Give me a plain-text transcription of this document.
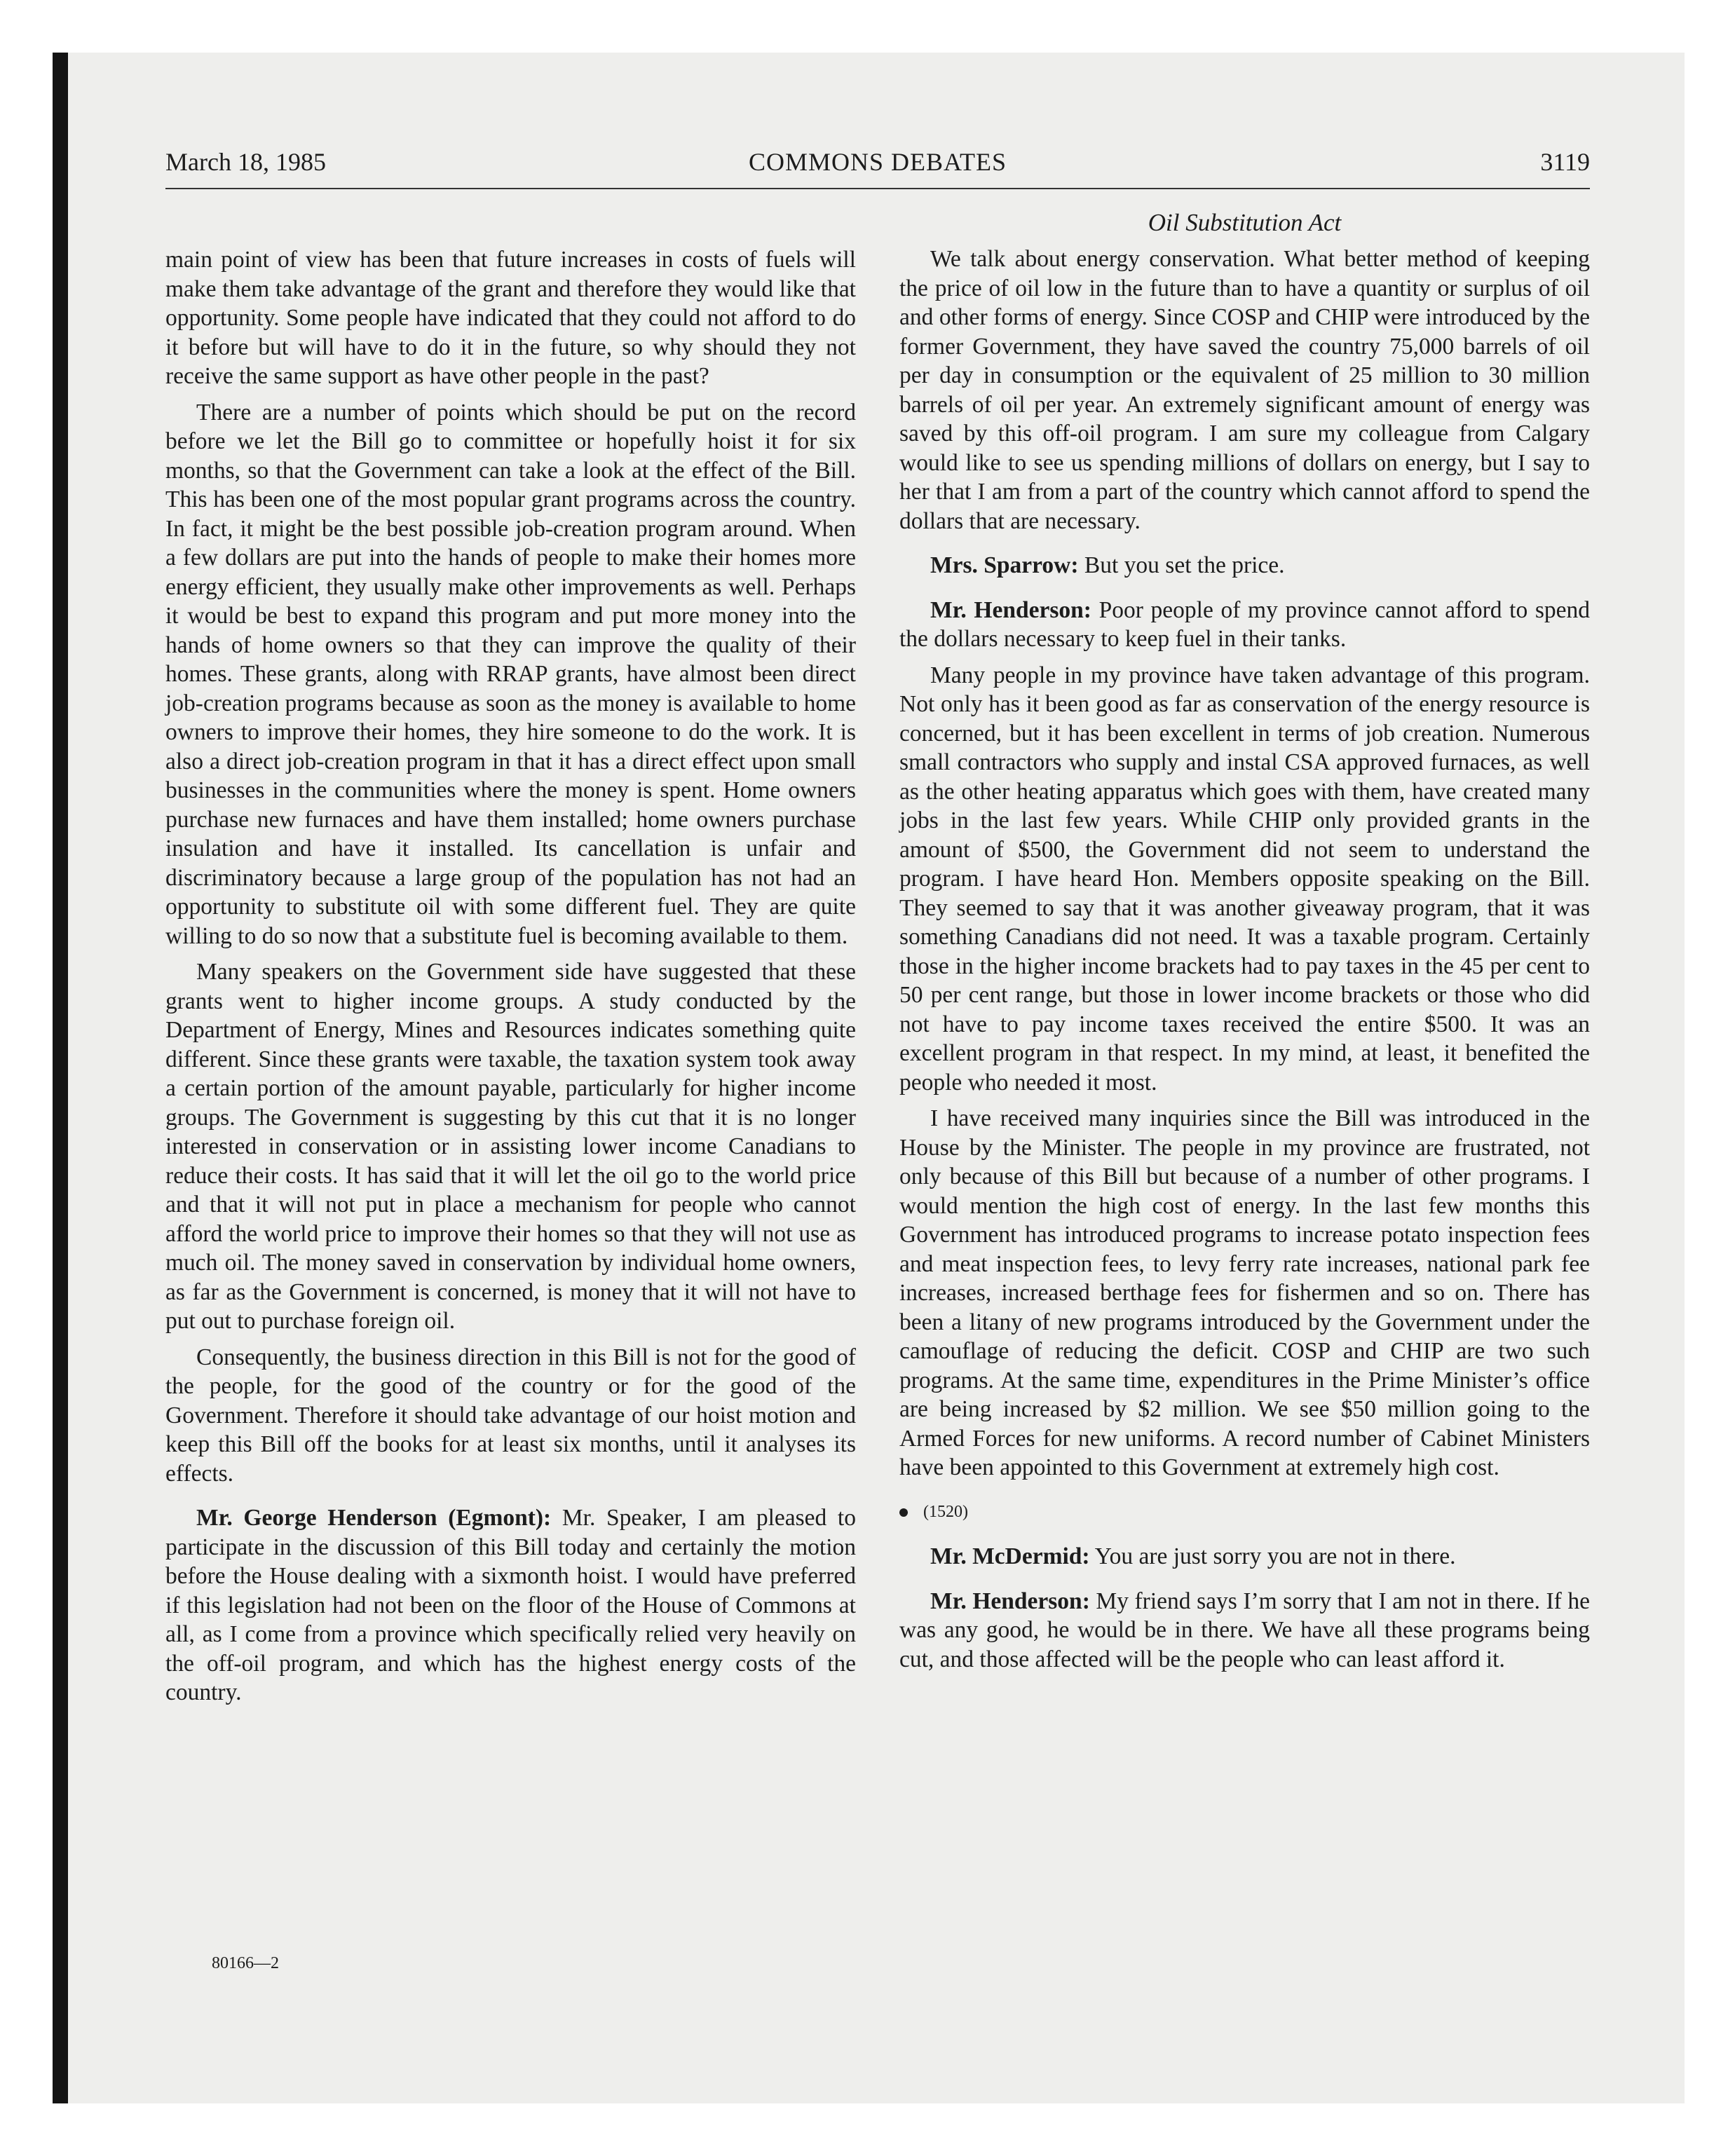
March 18, 1985	COMMONS DEBATES	3119

main point of view has been that future increases in costs of fuels will make them take advantage of the grant and therefore they would like that opportunity. Some people have indicated that they could not afford to do it before but will have to do it in the future, so why should they not receive the same support as have other people in the past?

There are a number of points which should be put on the record before we let the Bill go to committee or hopefully hoist it for six months, so that the Government can take a look at the effect of the Bill. This has been one of the most popular grant programs across the country. In fact, it might be the best possible job-creation program around. When a few dollars are put into the hands of people to make their homes more energy efficient, they usually make other improvements as well. Perhaps it would be best to expand this program and put more money into the hands of home owners so that they can improve the quality of their homes. These grants, along with RRAP grants, have almost been direct job-creation programs because as soon as the money is available to home owners to improve their homes, they hire someone to do the work. It is also a direct job-creation program in that it has a direct effect upon small businesses in the communities where the money is spent. Home owners purchase new furnaces and have them installed; home owners purchase insulation and have it installed. Its cancellation is unfair and discriminatory because a large group of the population has not had an opportunity to substitute oil with some different fuel. They are quite willing to do so now that a substitute fuel is becoming available to them.

Many speakers on the Government side have suggested that these grants went to higher income groups. A study conducted by the Department of Energy, Mines and Resources indicates something quite different. Since these grants were taxable, the taxation system took away a certain portion of the amount payable, particularly for higher income groups. The Government is suggesting by this cut that it is no longer interested in conservation or in assisting lower income Canadians to reduce their costs. It has said that it will let the oil go to the world price and that it will not put in place a mechanism for people who cannot afford the world price to improve their homes so that they will not use as much oil. The money saved in conservation by individual home owners, as far as the Government is concerned, is money that it will not have to put out to purchase foreign oil.

Consequently, the business direction in this Bill is not for the good of the people, for the good of the country or for the good of the Government. Therefore it should take advantage of our hoist motion and keep this Bill off the books for at least six months, until it analyses its effects.

Mr. George Henderson (Egmont): Mr. Speaker, I am pleased to participate in the discussion of this Bill today and certainly the motion before the House dealing with a sixmonth hoist. I would have preferred if this legislation had not been on the floor of the House of Commons at all, as I come from a province which specifically relied very heavily on the off-oil program, and which has the highest energy costs of the country.

Oil Substitution Act

We talk about energy conservation. What better method of keeping the price of oil low in the future than to have a quantity or surplus of oil and other forms of energy. Since COSP and CHIP were introduced by the former Government, they have saved the country 75,000 barrels of oil per day in consumption or the equivalent of 25 million to 30 million barrels of oil per year. An extremely significant amount of energy was saved by this off-oil program. I am sure my colleague from Calgary would like to see us spending millions of dollars on energy, but I say to her that I am from a part of the country which cannot afford to spend the dollars that are necessary.

Mrs. Sparrow: But you set the price.

Mr. Henderson: Poor people of my province cannot afford to spend the dollars necessary to keep fuel in their tanks.

Many people in my province have taken advantage of this program. Not only has it been good as far as conservation of the energy resource is concerned, but it has been excellent in terms of job creation. Numerous small contractors who supply and instal CSA approved furnaces, as well as the other heating apparatus which goes with them, have created many jobs in the last few years. While CHIP only provided grants in the amount of $500, the Government did not seem to understand the program. I have heard Hon. Members opposite speaking on the Bill. They seemed to say that it was another giveaway program, that it was something Canadians did not need. It was a taxable program. Certainly those in the higher income brackets had to pay taxes in the 45 per cent to 50 per cent range, but those in lower income brackets or those who did not have to pay income taxes received the entire $500. It was an excellent program in that respect. In my mind, at least, it benefited the people who needed it most.

I have received many inquiries since the Bill was introduced in the House by the Minister. The people in my province are frustrated, not only because of this Bill but because of a number of other programs. I would mention the high cost of energy. In the last few months this Government has introduced programs to increase potato inspection fees and meat inspection fees, to levy ferry rate increases, national park fee increases, increased berthage fees for fishermen and so on. There has been a litany of new programs introduced by the Government under the camouflage of reducing the deficit. COSP and CHIP are two such programs. At the same time, expenditures in the Prime Minister’s office are being increased by $2 million. We see $50 million going to the Armed Forces for new uniforms. A record number of Cabinet Ministers have been appointed to this Government at extremely high cost.

(1520)

Mr. McDermid: You are just sorry you are not in there.

Mr. Henderson: My friend says I’m sorry that I am not in there. If he was any good, he would be in there. We have all these programs being cut, and those affected will be the people who can least afford it.

80166—2
